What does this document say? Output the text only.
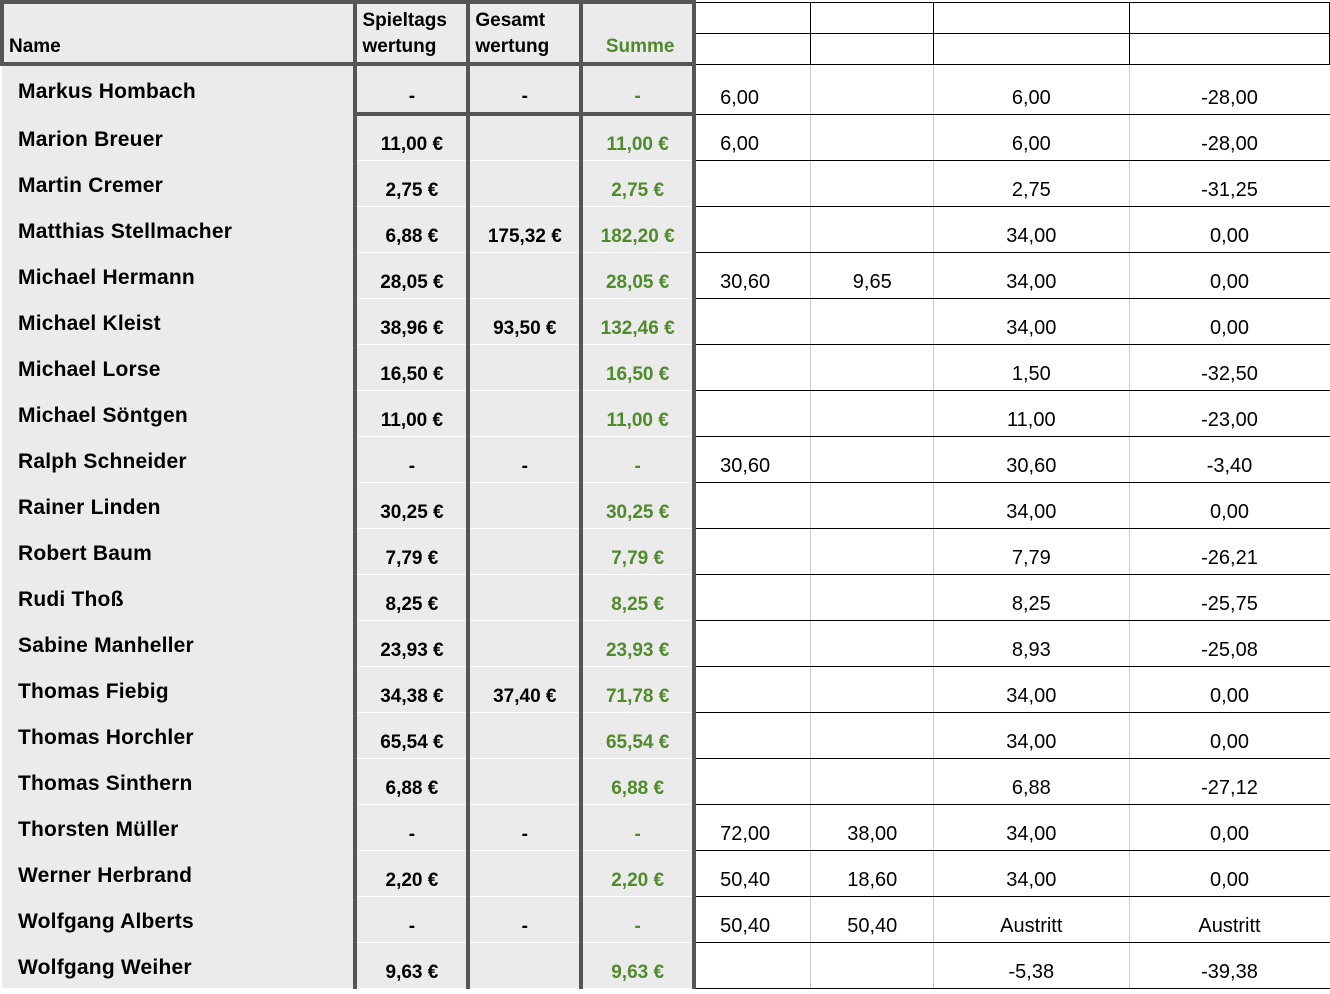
	Spieltags	Gesamt					
Name	wertung	wertung	Summe				
Markus Hombach	-	-	-	6,00		6,00	-28,00
Marion Breuer	11,00 €		11,00 €	6,00		6,00	-28,00
Martin Cremer	2,75 €		2,75 €			2,75	-31,25
Matthias Stellmacher	6,88 €	175,32 €	182,20 €			34,00	0,00
Michael Hermann	28,05 €		28,05 €	30,60	9,65	34,00	0,00
Michael Kleist	38,96 €	93,50 €	132,46 €			34,00	0,00
Michael Lorse	16,50 €		16,50 €			1,50	-32,50
Michael Söntgen	11,00 €		11,00 €			11,00	-23,00
Ralph Schneider	-	-	-	30,60		30,60	-3,40
Rainer Linden	30,25 €		30,25 €			34,00	0,00
Robert Baum	7,79 €		7,79 €			7,79	-26,21
Rudi Thoß	8,25 €		8,25 €			8,25	-25,75
Sabine Manheller	23,93 €		23,93 €			8,93	-25,08
Thomas Fiebig	34,38 €	37,40 €	71,78 €			34,00	0,00
Thomas Horchler	65,54 €		65,54 €			34,00	0,00
Thomas Sinthern	6,88 €		6,88 €			6,88	-27,12
Thorsten Müller	-	-	-	72,00	38,00	34,00	0,00
Werner Herbrand	2,20 €		2,20 €	50,40	18,60	34,00	0,00
Wolfgang Alberts	-	-	-	50,40	50,40	Austritt	Austritt
Wolfgang Weiher	9,63 €		9,63 €			-5,38	-39,38
